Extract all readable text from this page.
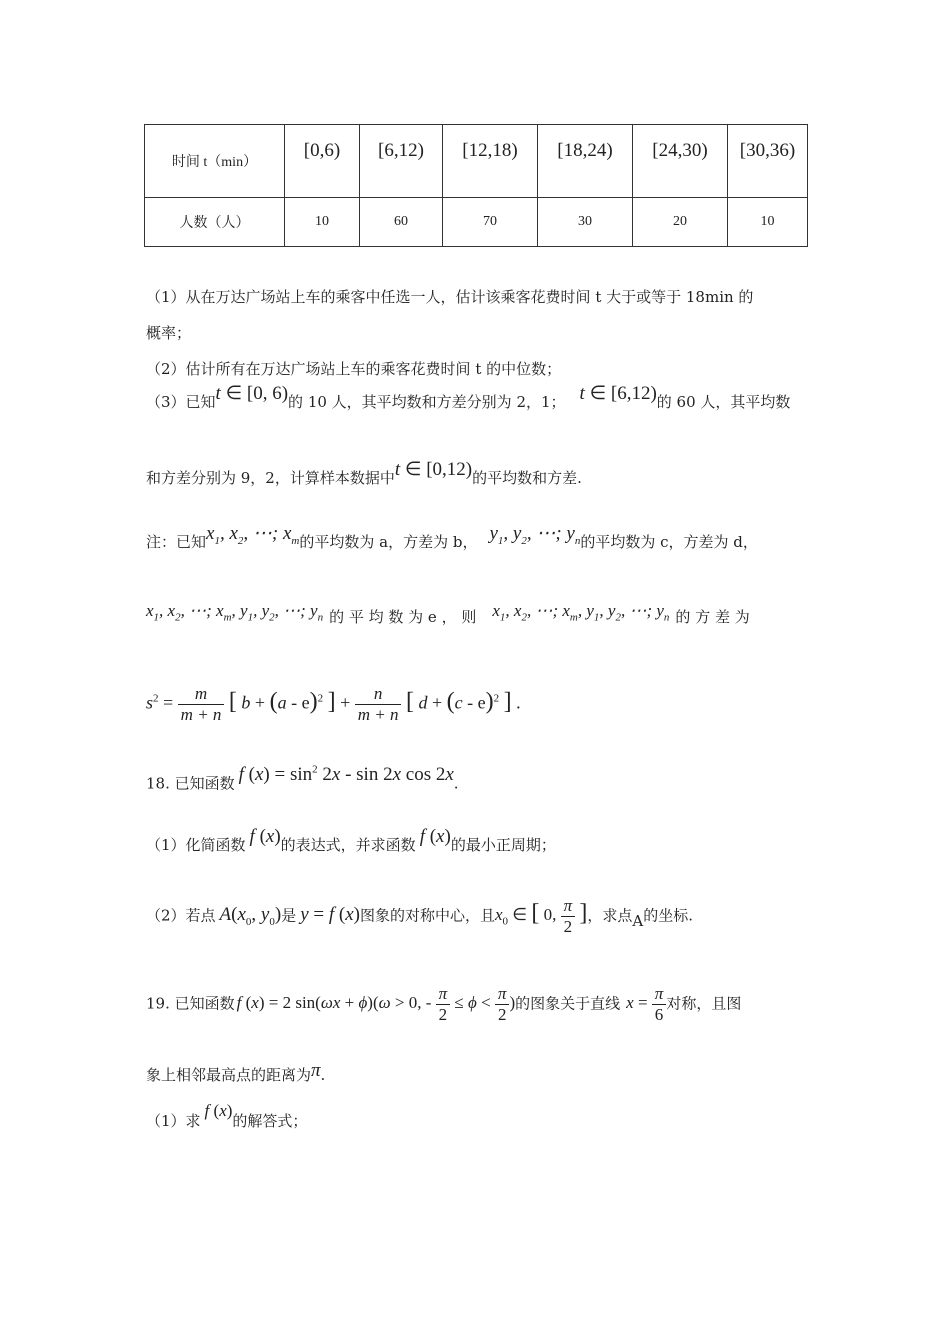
时间 t（min）	[0,6)	[6,12)	[12,18)	[18,24)	[24,30)	[30,36)
人数（人）	10	60	70	30	20	10
（1）从在万达广场站上车的乘客中任选一人，估计该乘客花费时间 t 大于或等于 18min 的
概率；
（2）估计所有在万达广场站上车的乘客花费时间 t 的中位数；
（3）已知t ∈ [0, 6)的 10 人，其平均数和方差分别为 2，1； t ∈ [6,12)的 60 人，其平均数
和方差分别为 9，2，计算样本数据中t ∈ [0,12)的平均数和方差.
注：已知$x_1$, $x_2$, ⋯; $x_m$的平均数为 a，方差为 b， $y_1$, $y_2$, ⋯; $y_n$的平均数为 c，方差为 d，
$x_1$, $x_2$, ⋯; $x_m$, $y_1$, $y_2$, ⋯; $y_n$ 的 平 均 数 为 e ， 则 $x_1$, $x_2$, ⋯; $x_m$, $y_1$, $y_2$, ⋯; $y_n$ 的 方 差 为
$s^2 = \frac{m}{m + n}$ [ b + (a - e)$^2$ ] + $\frac{n}{m + n}$ [ d + (c - e)$^2$ ] .
18. 已知函数 f $(x) = \sin^2 2x - \sin 2x$ cos 2x.
（1）化简函数 f (x)的表达式，并求函数 f (x)的最小正周期；
（2）若点 $A(x_0$, $y_0$)是 y = f (x)图象的对称中心，且$x_0$ ∈ [ 0, $\frac{\pi}{2}$ ]，求点A的坐标.
19. 已知函数 f (x) = 2 sin(ωx + ϕ)(ω > 0, - $\frac{\pi}{2} \le \phi < \frac{\pi}{2}$ )的图象关于直线 $x = \frac{\pi}{6}$ 对称，且图
象上相邻最高点的距离为π.
（1）求f (x)的解答式；
